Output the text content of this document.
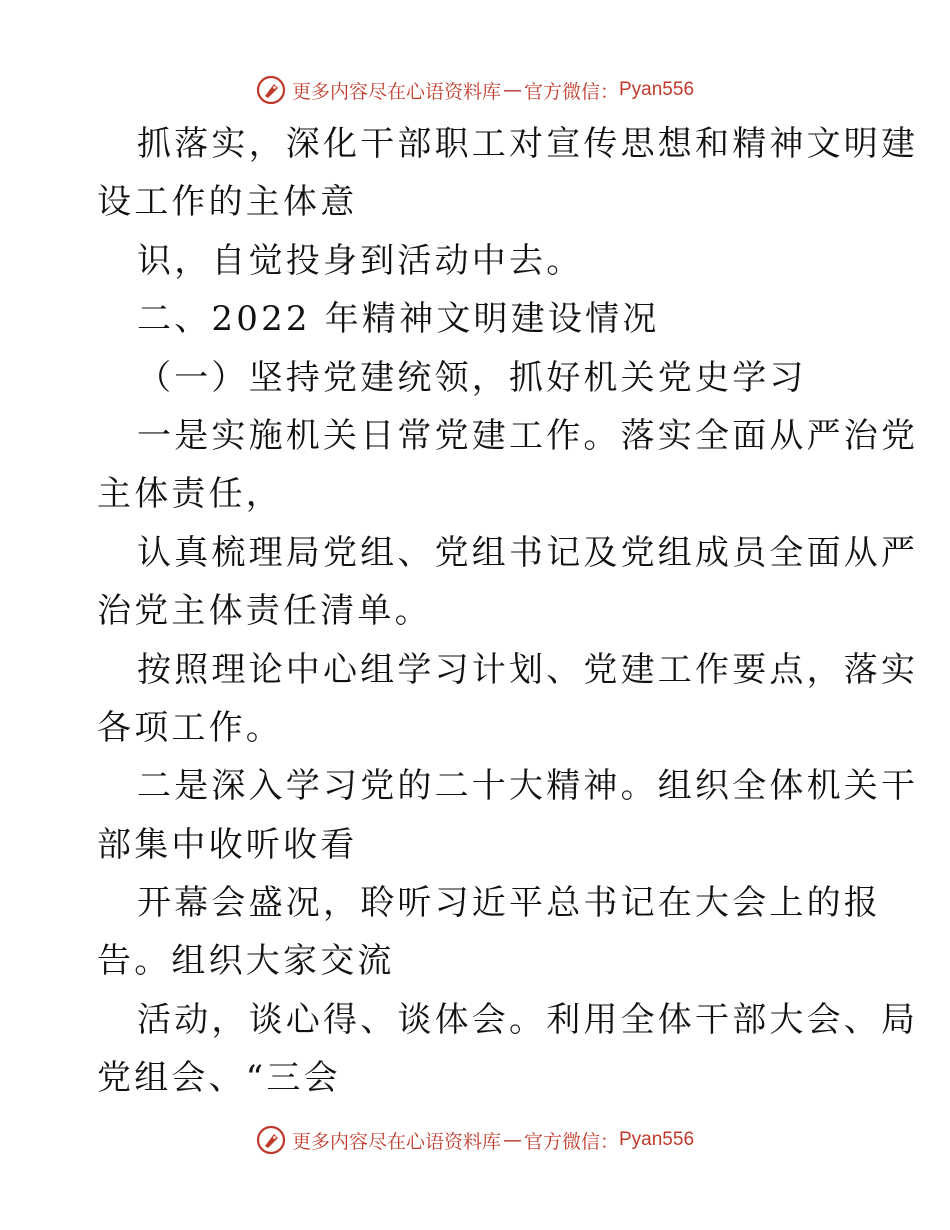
更多内容尽在心语资料库 — 官方微信： Pyan556
抓落实，深化干部职工对宣传思想和精神文明建
设工作的主体意
识，自觉投身到活动中去。
二、2022 年精神文明建设情况
（一）坚持党建统领，抓好机关党史学习
一是实施机关日常党建工作。落实全面从严治党
主体责任，
认真梳理局党组、党组书记及党组成员全面从严
治党主体责任清单。
按照理论中心组学习计划、党建工作要点，落实
各项工作。
二是深入学习党的二十大精神。组织全体机关干
部集中收听收看
开幕会盛况，聆听习近平总书记在大会上的报
告。组织大家交流
活动，谈心得、谈体会。利用全体干部大会、局
党组会、“三会
更多内容尽在心语资料库 — 官方微信： Pyan556
